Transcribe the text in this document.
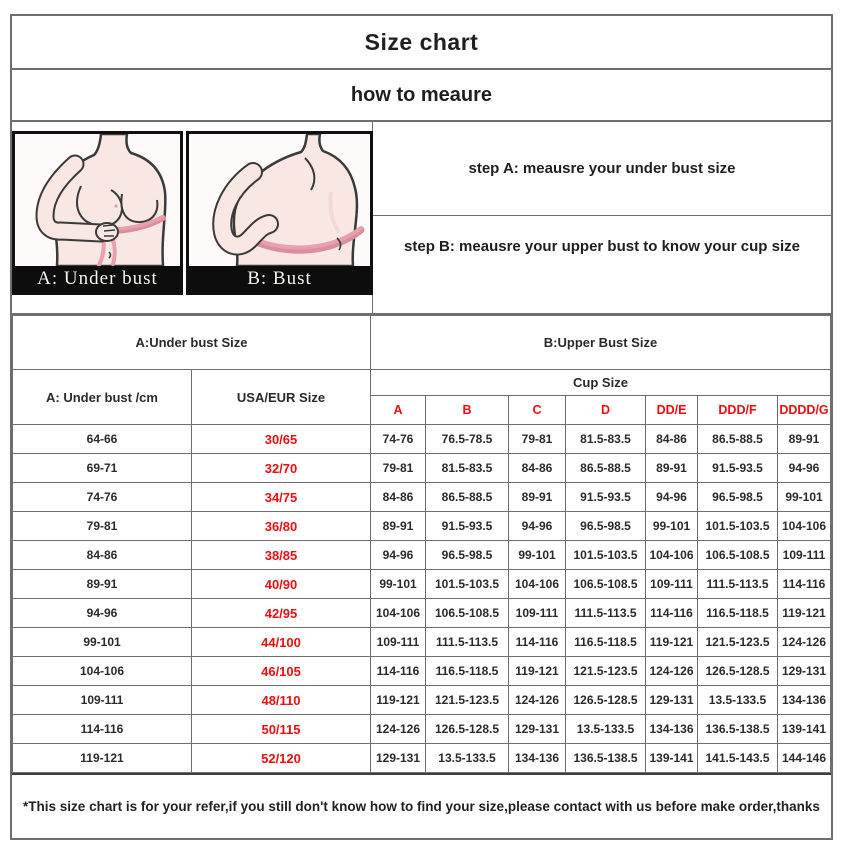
Size chart
how to meaure
A: Under bust	B: Bust
step A: meausre your under bust size
step B: meausre your upper bust to know your cup size
A:Under bust Size		B:Upper Bust Size						
A: Under bust /cm	USA/EUR Size	Cup Size						
		A	B	C	D	DD/E	DDD/F	DDDD/G
64-66	30/65	74-76	76.5-78.5	79-81	81.5-83.5	84-86	86.5-88.5	89-91
69-71	32/70	79-81	81.5-83.5	84-86	86.5-88.5	89-91	91.5-93.5	94-96
74-76	34/75	84-86	86.5-88.5	89-91	91.5-93.5	94-96	96.5-98.5	99-101
79-81	36/80	89-91	91.5-93.5	94-96	96.5-98.5	99-101	101.5-103.5	104-106
84-86	38/85	94-96	96.5-98.5	99-101	101.5-103.5	104-106	106.5-108.5	109-111
89-91	40/90	99-101	101.5-103.5	104-106	106.5-108.5	109-111	111.5-113.5	114-116
94-96	42/95	104-106	106.5-108.5	109-111	111.5-113.5	114-116	116.5-118.5	119-121
99-101	44/100	109-111	111.5-113.5	114-116	116.5-118.5	119-121	121.5-123.5	124-126
104-106	46/105	114-116	116.5-118.5	119-121	121.5-123.5	124-126	126.5-128.5	129-131
109-111	48/110	119-121	121.5-123.5	124-126	126.5-128.5	129-131	13.5-133.5	134-136
114-116	50/115	124-126	126.5-128.5	129-131	13.5-133.5	134-136	136.5-138.5	139-141
119-121	52/120	129-131	13.5-133.5	134-136	136.5-138.5	139-141	141.5-143.5	144-146
*This size chart is for your refer,if you still don't know how to find your size,please contact with us before make order,thanks
